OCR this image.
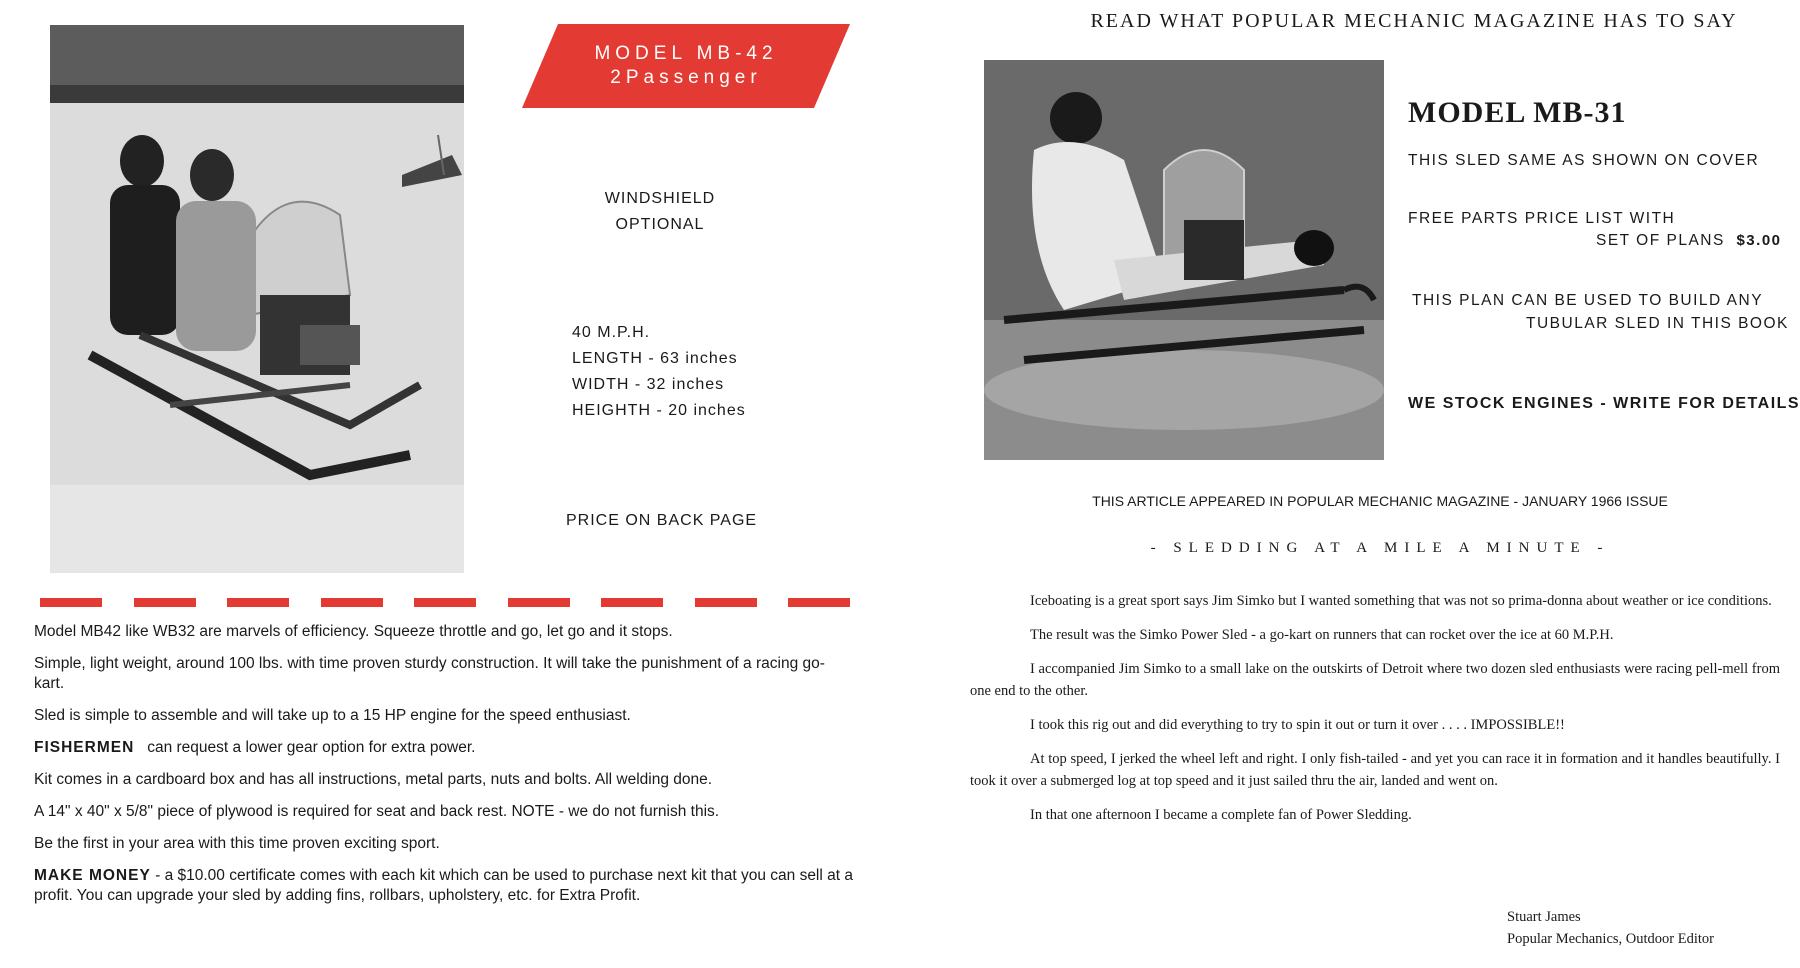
MODEL MB-42
2Passenger
WINDSHIELD
OPTIONAL
40 M.P.H.
LENGTH - 63 inches
WIDTH - 32 inches
HEIGHTH - 20 inches
PRICE ON BACK PAGE

Model MB42 like WB32 are marvels of efficiency. Squeeze throttle and go, let go and it stops.

Simple, light weight, around 100 lbs. with time proven sturdy construction. It will take the punishment of a racing go-kart.

Sled is simple to assemble and will take up to a 15 HP engine for the speed enthusiast.

FISHERMEN can request a lower gear option for extra power.

Kit comes in a cardboard box and has all instructions, metal parts, nuts and bolts. All welding done.

A 14" x 40" x 5/8" piece of plywood is required for seat and back rest. NOTE - we do not furnish this.

Be the first in your area with this time proven exciting sport.

MAKE MONEY - a $10.00 certificate comes with each kit which can be used to purchase next kit that you can sell at a profit. You can upgrade your sled by adding fins, rollbars, upholstery, etc. for Extra Profit.

READ WHAT POPULAR MECHANIC MAGAZINE HAS TO SAY
MODEL MB-31
THIS SLED SAME AS SHOWN ON COVER
FREE PARTS PRICE LIST WITH
SET OF PLANS $3.00
THIS PLAN CAN BE USED TO BUILD ANY
TUBULAR SLED IN THIS BOOK
WE STOCK ENGINES - WRITE FOR DETAILS
THIS ARTICLE APPEARED IN POPULAR MECHANIC MAGAZINE - JANUARY 1966 ISSUE
- SLEDDING AT A MILE A MINUTE -

Iceboating is a great sport says Jim Simko but I wanted something that was not so prima-donna about weather or ice conditions.

The result was the Simko Power Sled - a go-kart on runners that can rocket over the ice at 60 M.P.H.

I accompanied Jim Simko to a small lake on the outskirts of Detroit where two dozen sled enthusiasts were racing pell-mell from one end to the other.

I took this rig out and did everything to try to spin it out or turn it over . . . . IMPOSSIBLE!!

At top speed, I jerked the wheel left and right. I only fish-tailed - and yet you can race it in formation and it handles beautifully. I took it over a submerged log at top speed and it just sailed thru the air, landed and went on.

In that one afternoon I became a complete fan of Power Sledding.

Stuart James
Popular Mechanics, Outdoor Editor
